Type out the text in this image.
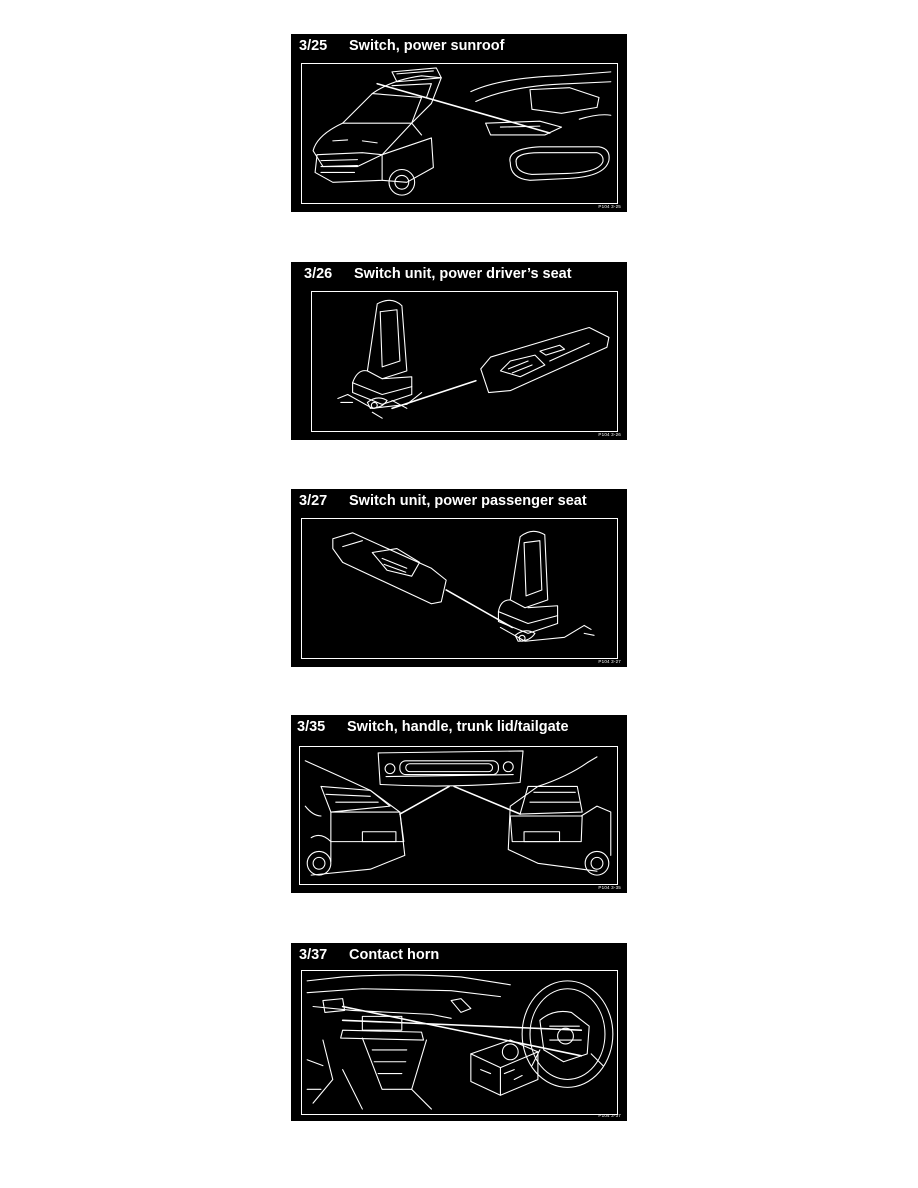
3/25 Switch, power sunroof
P104 3-25
3/26 Switch unit, power driver’s seat
P104 3-26
3/27 Switch unit, power passenger seat
P104 3-27
3/35 Switch, handle, trunk lid/tailgate
P104 3-35
3/37 Contact horn
P104 3-37
